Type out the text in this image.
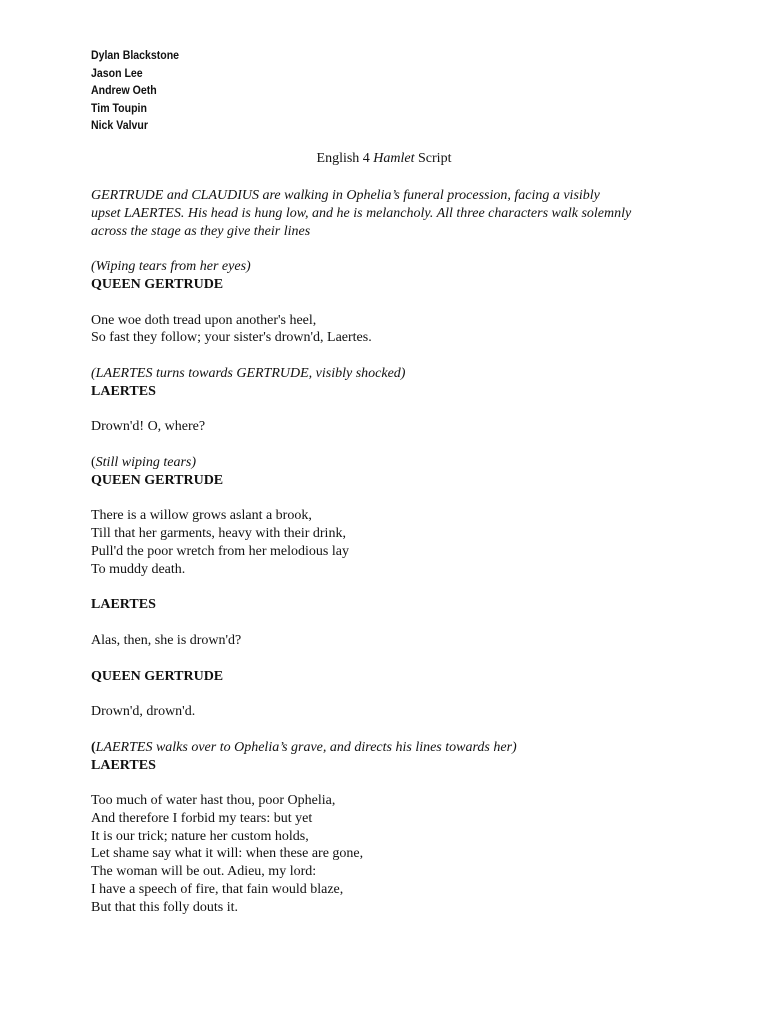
Dylan Blackstone
Jason Lee
Andrew Oeth
Tim Toupin
Nick Valvur
English 4 Hamlet Script

GERTRUDE and CLAUDIUS are walking in Ophelia’s funeral procession, facing a visibly

upset LAERTES. His head is hung low, and he is melancholy. All three characters walk solemnly

across the stage as they give their lines

(Wiping tears from her eyes)

QUEEN GERTRUDE

One woe doth tread upon another's heel,

So fast they follow; your sister's drown'd, Laertes.

(LAERTES turns towards GERTRUDE, visibly shocked)

LAERTES

Drown'd! O, where?

(Still wiping tears)

QUEEN GERTRUDE

There is a willow grows aslant a brook,

Till that her garments, heavy with their drink,

Pull'd the poor wretch from her melodious lay

To muddy death.

LAERTES

Alas, then, she is drown'd?

QUEEN GERTRUDE

Drown'd, drown'd.

(LAERTES walks over to Ophelia’s grave, and directs his lines towards her)

LAERTES

Too much of water hast thou, poor Ophelia,

And therefore I forbid my tears: but yet

It is our trick; nature her custom holds,

Let shame say what it will: when these are gone,

The woman will be out. Adieu, my lord:

I have a speech of fire, that fain would blaze,

But that this folly douts it.
